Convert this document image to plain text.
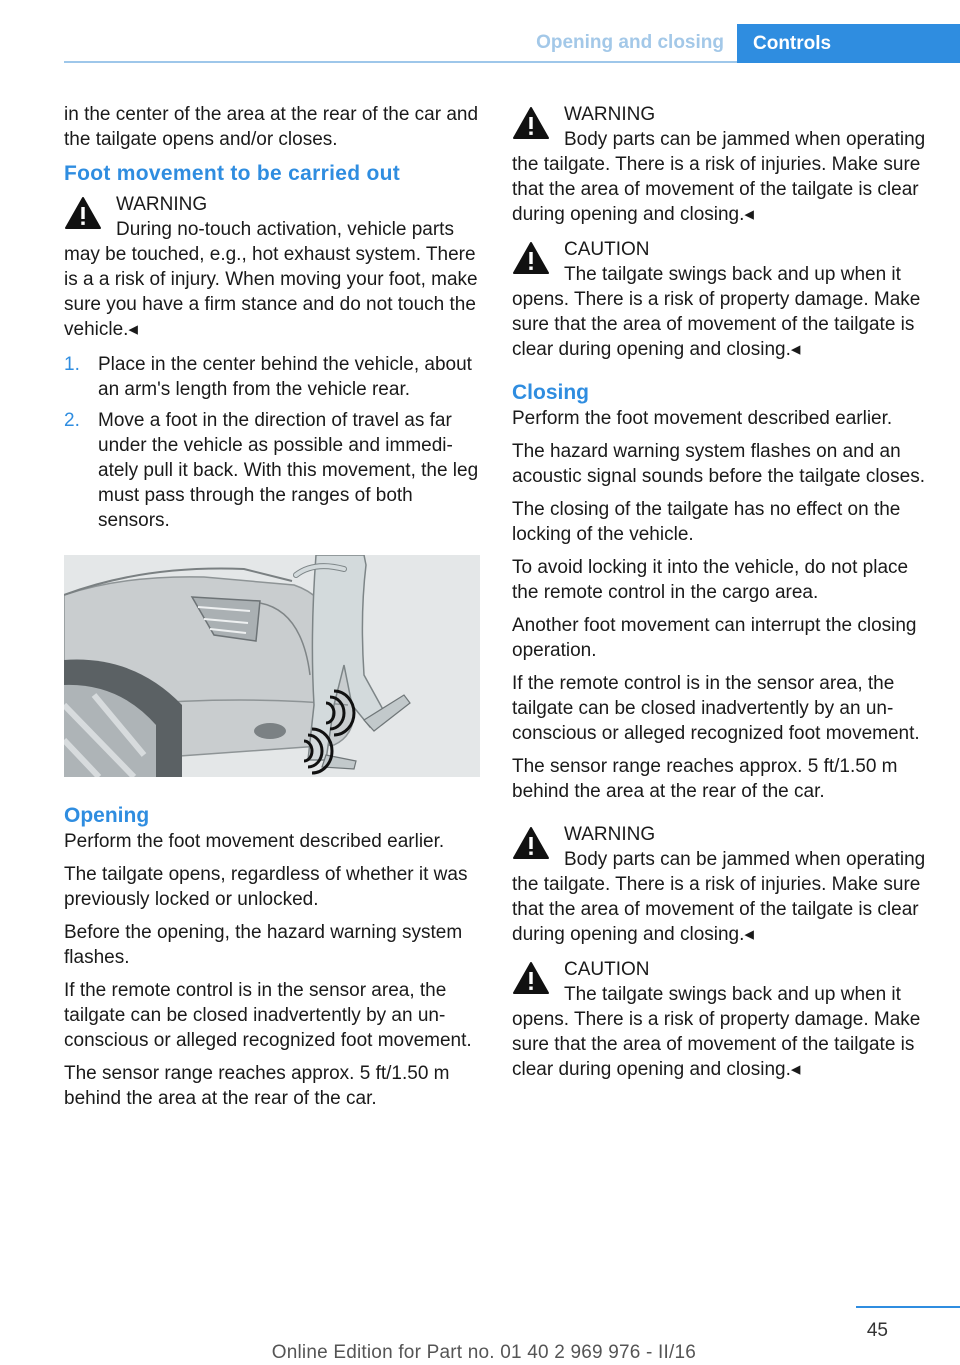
Opening and closing	Controls

in the center of the area at the rear of the car and the tailgate opens and/or closes.

Foot movement to be carried out
WARNING
During no-touch activation, vehicle parts may be touched, e.g., hot exhaust system. There is a a risk of injury. When moving your foot, make sure you have a firm stance and do not touch the vehicle.◂
1. Place in the center behind the vehicle, about an arm's length from the vehicle rear.
2. Move a foot in the direction of travel as far under the vehicle as possible and immediately pull it back. With this movement, the leg must pass through the ranges of both sensors.
Opening

Perform the foot movement described earlier.

The tailgate opens, regardless of whether it was previously locked or unlocked.

Before the opening, the hazard warning system flashes.

If the remote control is in the sensor area, the tailgate can be closed inadvertently by an unconscious or alleged recognized foot movement.

The sensor range reaches approx. 5 ft/1.50 m behind the area at the rear of the car.

WARNING
Body parts can be jammed when operating the tailgate. There is a risk of injuries. Make sure that the area of movement of the tailgate is clear during opening and closing.◂
CAUTION
The tailgate swings back and up when it opens. There is a risk of property damage. Make sure that the area of movement of the tailgate is clear during opening and closing.◂
Closing

Perform the foot movement described earlier.

The hazard warning system flashes on and an acoustic signal sounds before the tailgate closes.

The closing of the tailgate has no effect on the locking of the vehicle.

To avoid locking it into the vehicle, do not place the remote control in the cargo area.

Another foot movement can interrupt the closing operation.

If the remote control is in the sensor area, the tailgate can be closed inadvertently by an unconscious or alleged recognized foot movement.

The sensor range reaches approx. 5 ft/1.50 m behind the area at the rear of the car.

WARNING
Body parts can be jammed when operating the tailgate. There is a risk of injuries. Make sure that the area of movement of the tailgate is clear during opening and closing.◂
CAUTION
The tailgate swings back and up when it opens. There is a risk of property damage. Make sure that the area of movement of the tailgate is clear during opening and closing.◂
45
Online Edition for Part no. 01 40 2 969 976 - II/16
